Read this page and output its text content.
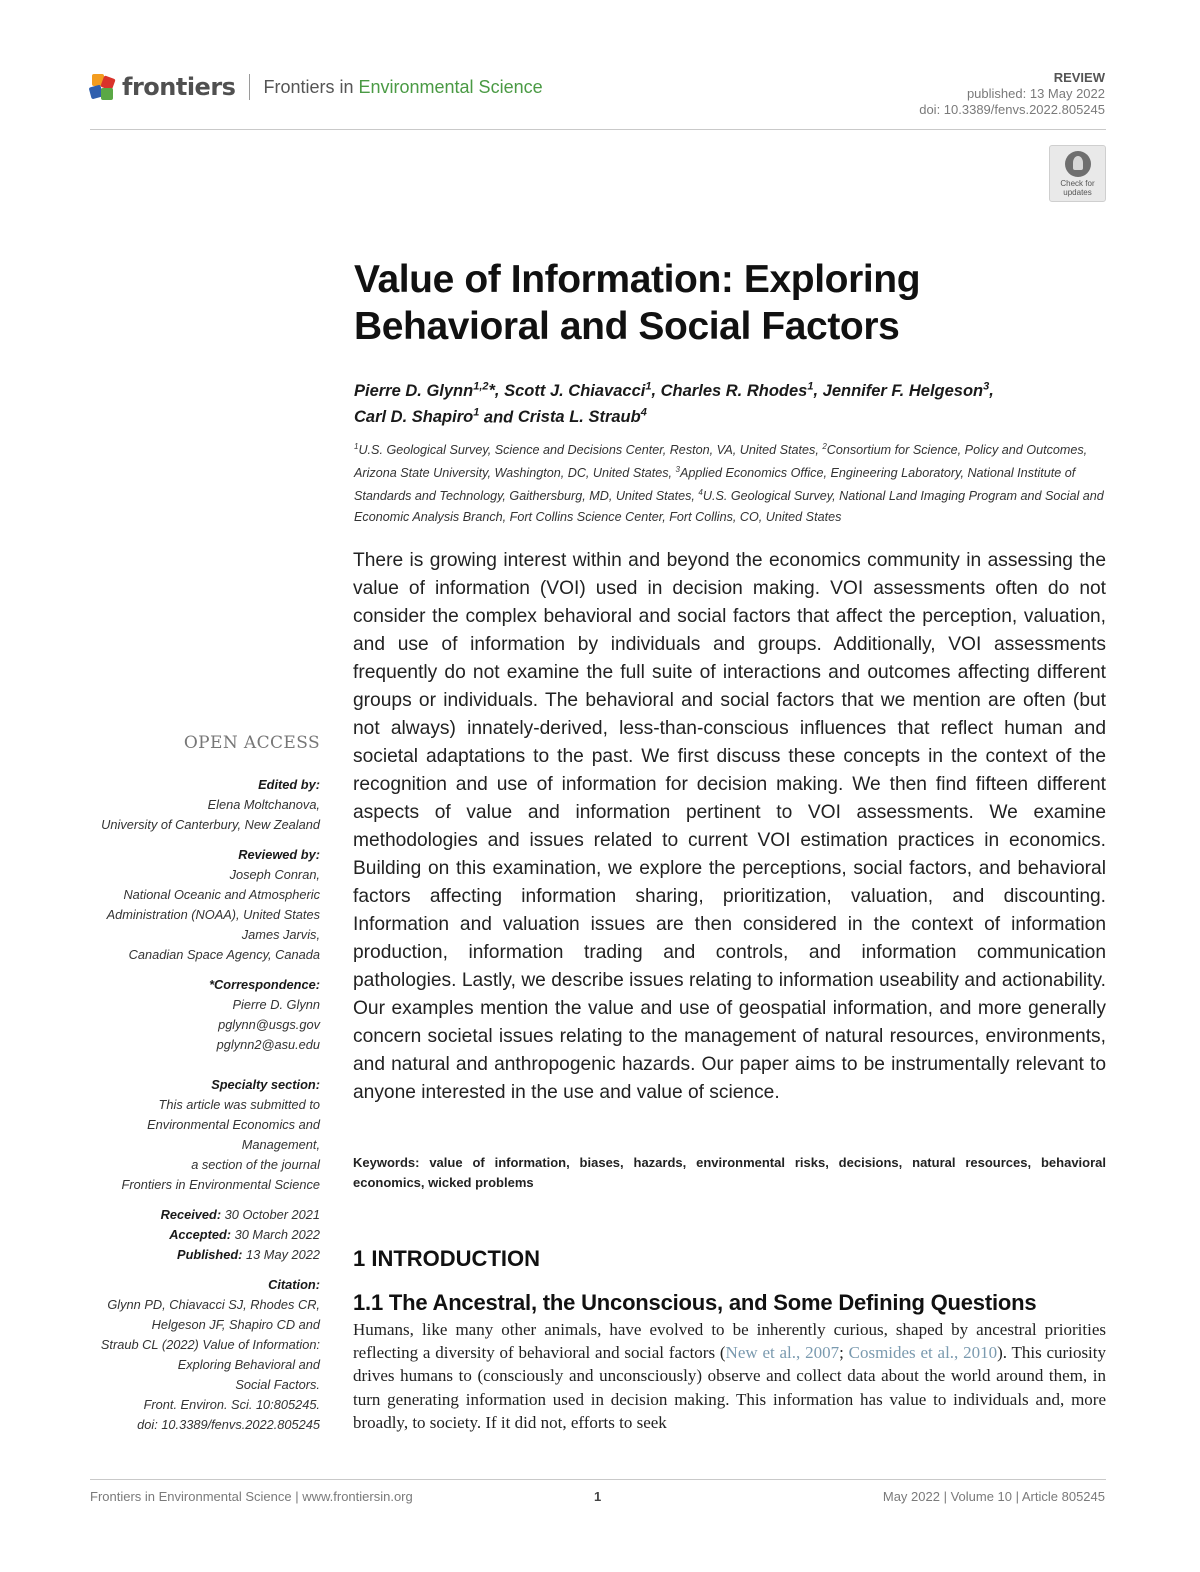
frontiers Frontiers in Environmental Science	REVIEW
published: 13 May 2022
doi: 10.3389/fenvs.2022.805245
Check for
updates
Value of Information: Exploring
Behavioral and Social Factors
Pierre D. Glynn$^{1,2}$*, Scott J. Chiavacci$^1$, Charles R. Rhodes$^1$, Jennifer F. Helgeson$^3$,
Carl D. Shapiro$^1$ and Crista L. Straub$^4$
$^1$U.S. Geological Survey, Science and Decisions Center, Reston, VA, United States, $^2$Consortium for Science, Policy and Outcomes, Arizona State University, Washington, DC, United States, $^3$Applied Economics Office, Engineering Laboratory, National Institute of Standards and Technology, Gaithersburg, MD, United States, $^4$U.S. Geological Survey, National Land Imaging Program and Social and Economic Analysis Branch, Fort Collins Science Center, Fort Collins, CO, United States
There is growing interest within and beyond the economics community in assessing the value of information (VOI) used in decision making. VOI assessments often do not consider the complex behavioral and social factors that affect the perception, valuation, and use of information by individuals and groups. Additionally, VOI assessments frequently do not examine the full suite of interactions and outcomes affecting different groups or individuals. The behavioral and social factors that we mention are often (but not always) innately-derived, less-than-conscious influences that reflect human and societal adaptations to the past. We first discuss these concepts in the context of the recognition and use of information for decision making. We then find fifteen different aspects of value and information pertinent to VOI assessments. We examine methodologies and issues related to current VOI estimation practices in economics. Building on this examination, we explore the perceptions, social factors, and behavioral factors affecting information sharing, prioritization, valuation, and discounting. Information and valuation issues are then considered in the context of information production, information trading and controls, and information communication pathologies. Lastly, we describe issues relating to information useability and actionability. Our examples mention the value and use of geospatial information, and more generally concern societal issues relating to the management of natural resources, environments, and natural and anthropogenic hazards. Our paper aims to be instrumentally relevant to anyone interested in the use and value of science.
Keywords: value of information, biases, hazards, environmental risks, decisions, natural resources, behavioral economics, wicked problems
1 INTRODUCTION
1.1 The Ancestral, the Unconscious, and Some Defining Questions
Humans, like many other animals, have evolved to be inherently curious, shaped by ancestral priorities reflecting a diversity of behavioral and social factors (New et al., 2007; Cosmides et al., 2010). This curiosity drives humans to (consciously and unconsciously) observe and collect data about the world around them, in turn generating information used in decision making. This information has value to individuals and, more broadly, to society. If it did not, efforts to seek
OPEN ACCESS
Edited by:
Elena Moltchanova,
University of Canterbury, New Zealand
Reviewed by:
Joseph Conran,
National Oceanic and Atmospheric
Administration (NOAA), United States
James Jarvis,
Canadian Space Agency, Canada
*Correspondence:
Pierre D. Glynn
pglynn@usgs.gov
pglynn2@asu.edu
Specialty section:
This article was submitted to
Environmental Economics and
Management,
a section of the journal
Frontiers in Environmental Science
Received: 30 October 2021
Accepted: 30 March 2022
Published: 13 May 2022
Citation:
Glynn PD, Chiavacci SJ, Rhodes CR,
Helgeson JF, Shapiro CD and
Straub CL (2022) Value of Information:
Exploring Behavioral and
Social Factors.
Front. Environ. Sci. 10:805245.
doi: 10.3389/fenvs.2022.805245
Frontiers in Environmental Science | www.frontiersin.org	1	May 2022 | Volume 10 | Article 805245
